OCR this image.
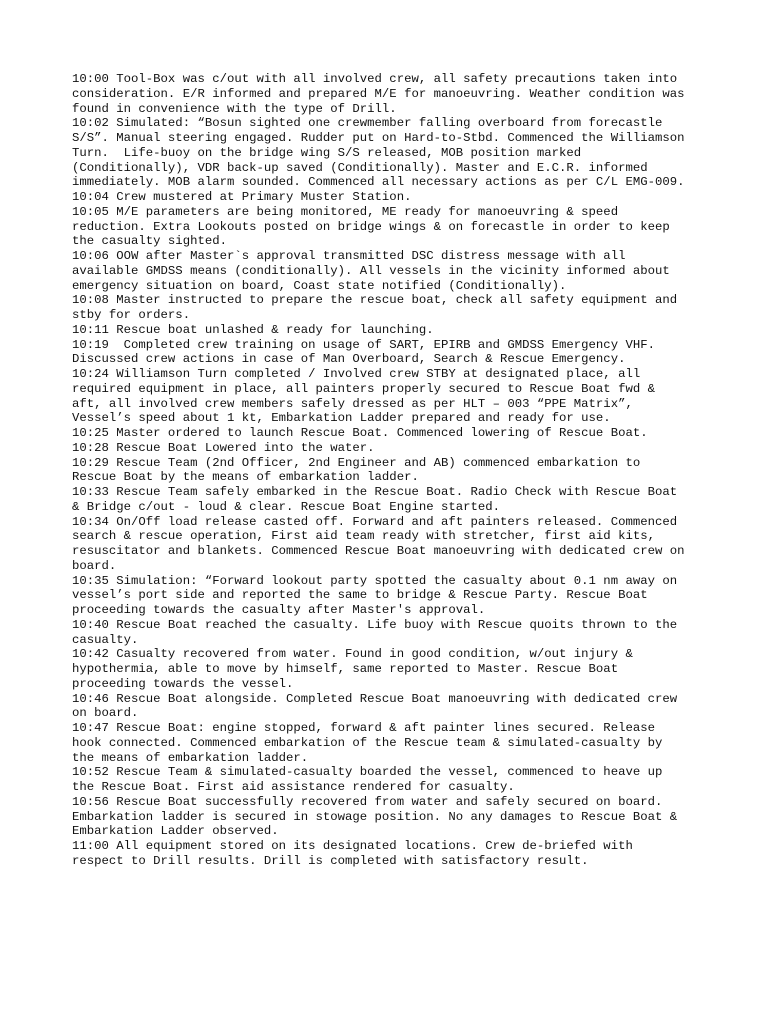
10:00 Tool-Box was c/out with all involved crew, all safety precautions taken into
consideration. E/R informed and prepared M/E for manoeuvring. Weather condition was
found in convenience with the type of Drill.
10:02 Simulated: “Bosun sighted one crewmember falling overboard from forecastle
S/S”. Manual steering engaged. Rudder put on Hard-to-Stbd. Commenced the Williamson
Turn.  Life-buoy on the bridge wing S/S released, MOB position marked
(Conditionally), VDR back-up saved (Conditionally). Master and E.C.R. informed
immediately. MOB alarm sounded. Commenced all necessary actions as per C/L EMG-009.
10:04 Crew mustered at Primary Muster Station.
10:05 M/E parameters are being monitored, ME ready for manoeuvring & speed
reduction. Extra Lookouts posted on bridge wings & on forecastle in order to keep
the casualty sighted.
10:06 OOW after Master`s approval transmitted DSC distress message with all
available GMDSS means (conditionally). All vessels in the vicinity informed about
emergency situation on board, Coast state notified (Conditionally).
10:08 Master instructed to prepare the rescue boat, check all safety equipment and
stby for orders.
10:11 Rescue boat unlashed & ready for launching.
10:19  Completed crew training on usage of SART, EPIRB and GMDSS Emergency VHF.
Discussed crew actions in case of Man Overboard, Search & Rescue Emergency.
10:24 Williamson Turn completed / Involved crew STBY at designated place, all
required equipment in place, all painters properly secured to Rescue Boat fwd &
aft, all involved crew members safely dressed as per HLT – 003 “PPE Matrix”,
Vessel’s speed about 1 kt, Embarkation Ladder prepared and ready for use.
10:25 Master ordered to launch Rescue Boat. Commenced lowering of Rescue Boat.
10:28 Rescue Boat Lowered into the water.
10:29 Rescue Team (2nd Officer, 2nd Engineer and AB) commenced embarkation to
Rescue Boat by the means of embarkation ladder.
10:33 Rescue Team safely embarked in the Rescue Boat. Radio Check with Rescue Boat
& Bridge c/out - loud & clear. Rescue Boat Engine started.
10:34 On/Off load release casted off. Forward and aft painters released. Commenced
search & rescue operation, First aid team ready with stretcher, first aid kits,
resuscitator and blankets. Commenced Rescue Boat manoeuvring with dedicated crew on
board.
10:35 Simulation: “Forward lookout party spotted the casualty about 0.1 nm away on
vessel’s port side and reported the same to bridge & Rescue Party. Rescue Boat
proceeding towards the casualty after Master's approval.
10:40 Rescue Boat reached the casualty. Life buoy with Rescue quoits thrown to the
casualty.
10:42 Casualty recovered from water. Found in good condition, w/out injury &
hypothermia, able to move by himself, same reported to Master. Rescue Boat
proceeding towards the vessel.
10:46 Rescue Boat alongside. Completed Rescue Boat manoeuvring with dedicated crew
on board.
10:47 Rescue Boat: engine stopped, forward & aft painter lines secured. Release
hook connected. Commenced embarkation of the Rescue team & simulated-casualty by
the means of embarkation ladder.
10:52 Rescue Team & simulated-casualty boarded the vessel, commenced to heave up
the Rescue Boat. First aid assistance rendered for casualty.
10:56 Rescue Boat successfully recovered from water and safely secured on board.
Embarkation ladder is secured in stowage position. No any damages to Rescue Boat &
Embarkation Ladder observed.
11:00 All equipment stored on its designated locations. Crew de-briefed with
respect to Drill results. Drill is completed with satisfactory result.
